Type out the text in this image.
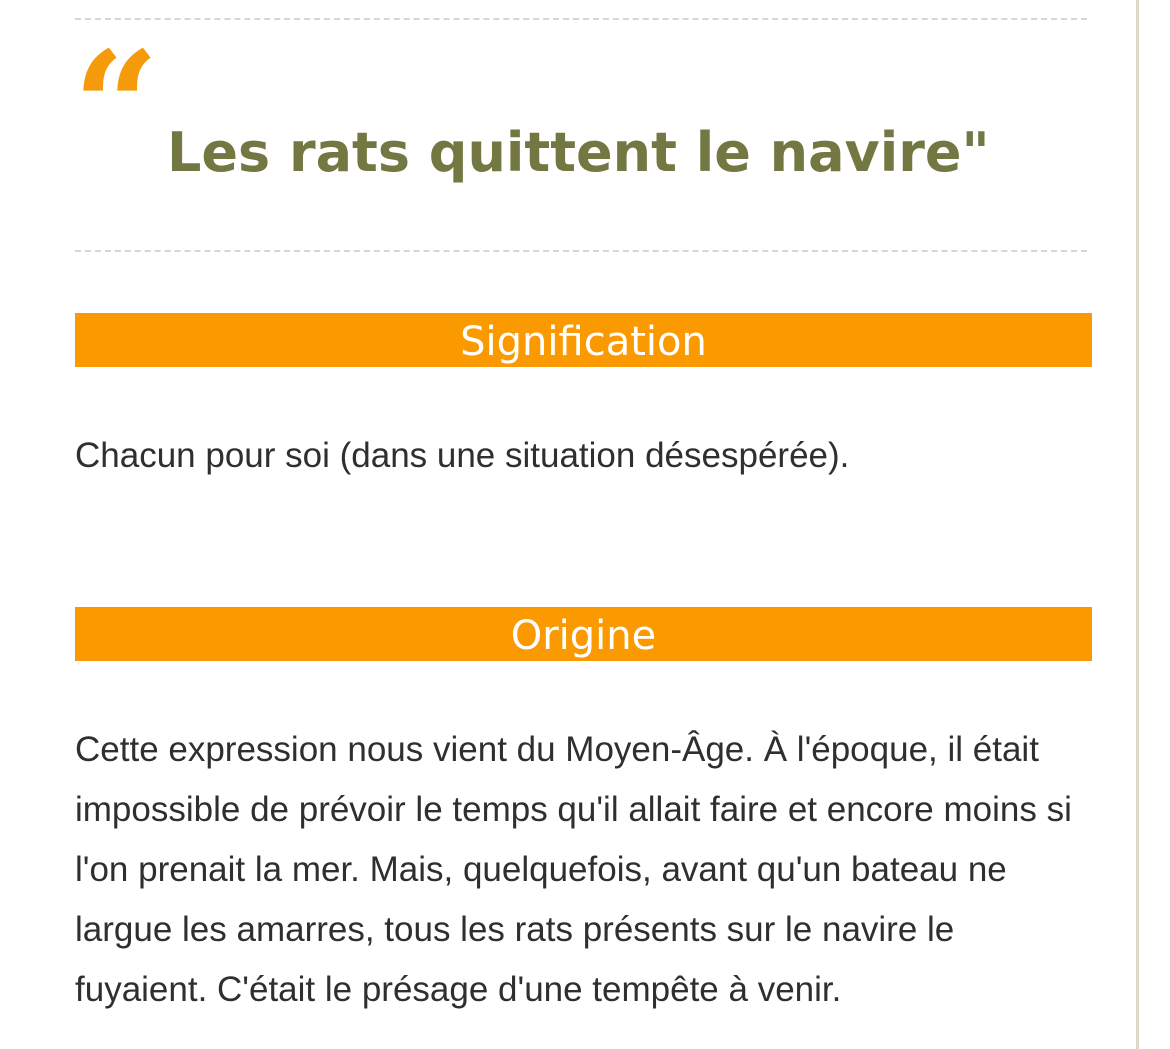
“ Les rats quittent le navire"
Signification

Chacun pour soi (dans une situation désespérée).

Origine

Cette expression nous vient du Moyen-Âge. À l'époque, il était impossible de prévoir le temps qu'il allait faire et encore moins si l'on prenait la mer. Mais, quelquefois, avant qu'un bateau ne largue les amarres, tous les rats présents sur le navire le fuyaient. C'était le présage d'une tempête à venir.
